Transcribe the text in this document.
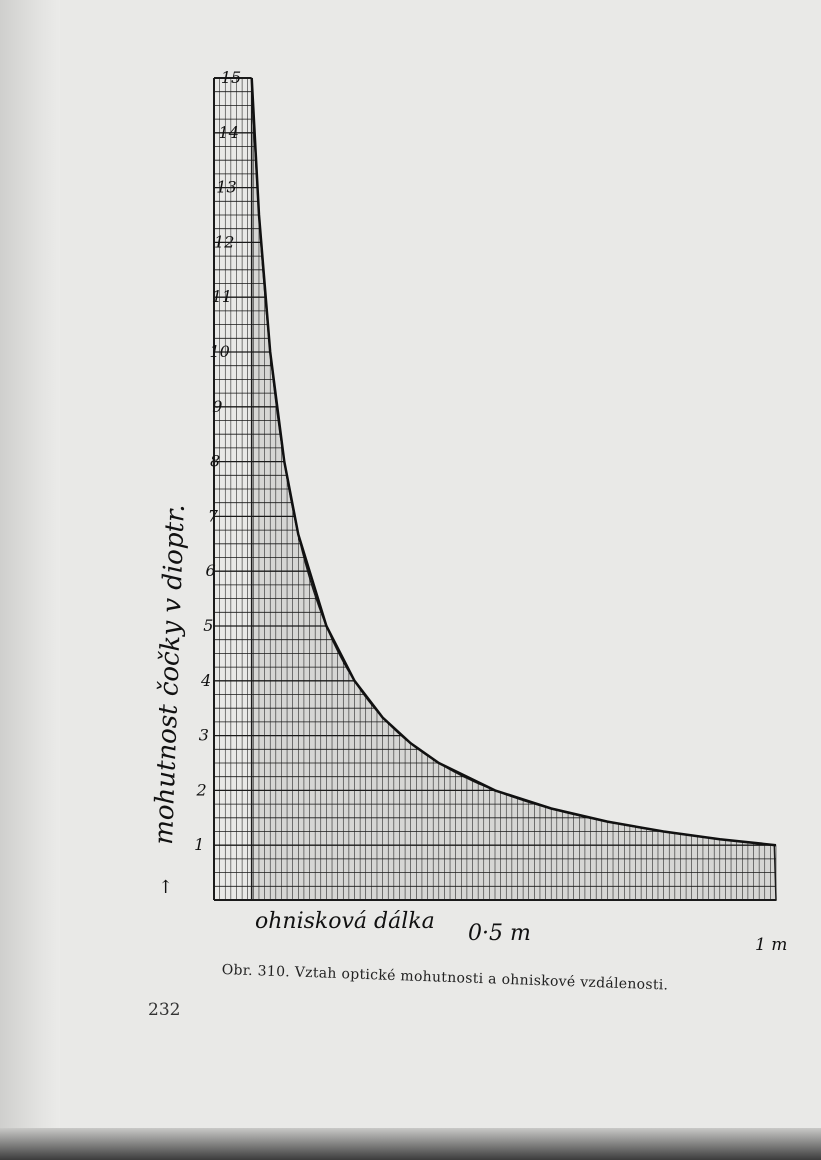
1
2
3
4
5
6
7
8
9
10
11
12
13
14
15
mohutnost čočky v dioptr.
↑
ohnisková dálka 0·5 m	1 m
Obr. 310. Vztah optické mohutnosti a ohniskové vzdálenosti.
232
